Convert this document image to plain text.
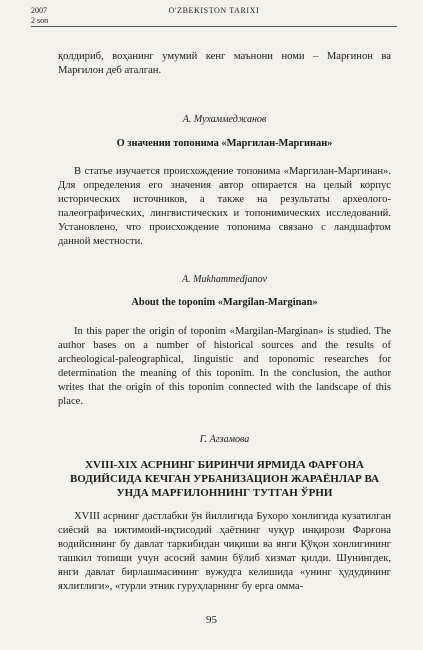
2007
2 son
O'ZBEKISTON TARIXI

қолдириб, воҳанинг умумий кенг маънони номи – Марғинон ва Марғилон деб аталган.

А. Мухаммеджанов

О значении топонима «Маргилан-Маргинан»

В статье изучается происхождение топонима «Маргилан-Маргинан». Для определения его значения автор опирается на целый корпус исторических источников, а также на результаты археолого-палеографических, лингвистических и топонимических исследований. Установлено, что происхождение топонима связано с ландшафтом данной местности.

A. Mukhammedjanov

About the toponim «Margilan-Marginan»

In this paper the origin of toponim «Margilan-Marginan» is studied. The author bases on a number of historical sources and the results of archeological-paleographical, linguistic and toponomic researches for determination the meaning of this toponim. In the conclusion, the author writes that the origin of this toponim connected with the landscape of this place.

Г. Агзамова

XVIII-XIX АСРНИНГ БИРИНЧИ ЯРМИДА ФАРҒОНА ВОДИЙСИДА КЕЧГАН УРБАНИЗАЦИОН ЖАРАЁНЛАР ВА УНДА МАРҒИЛОННИНГ ТУТГАН ЎРНИ

XVIII асрнинг дастлабки ўн йиллигида Бухоро хонлигида кузатилган сиёсий ва ижтимоий-иқтисодий ҳаётнинг чуқур инқирози Фарғона водийсининг бу давлат таркибидан чиқиши ва янги Қўқон хонлигининг ташкил топиши учун асосий замин бўлиб хизмат қилди. Шунингдек, янги давлат бирлашмасининг вужудга келишида «унинг ҳудудининг яхлитлиги», «турли этник гуруҳларнинг бу ерга омма-

95
